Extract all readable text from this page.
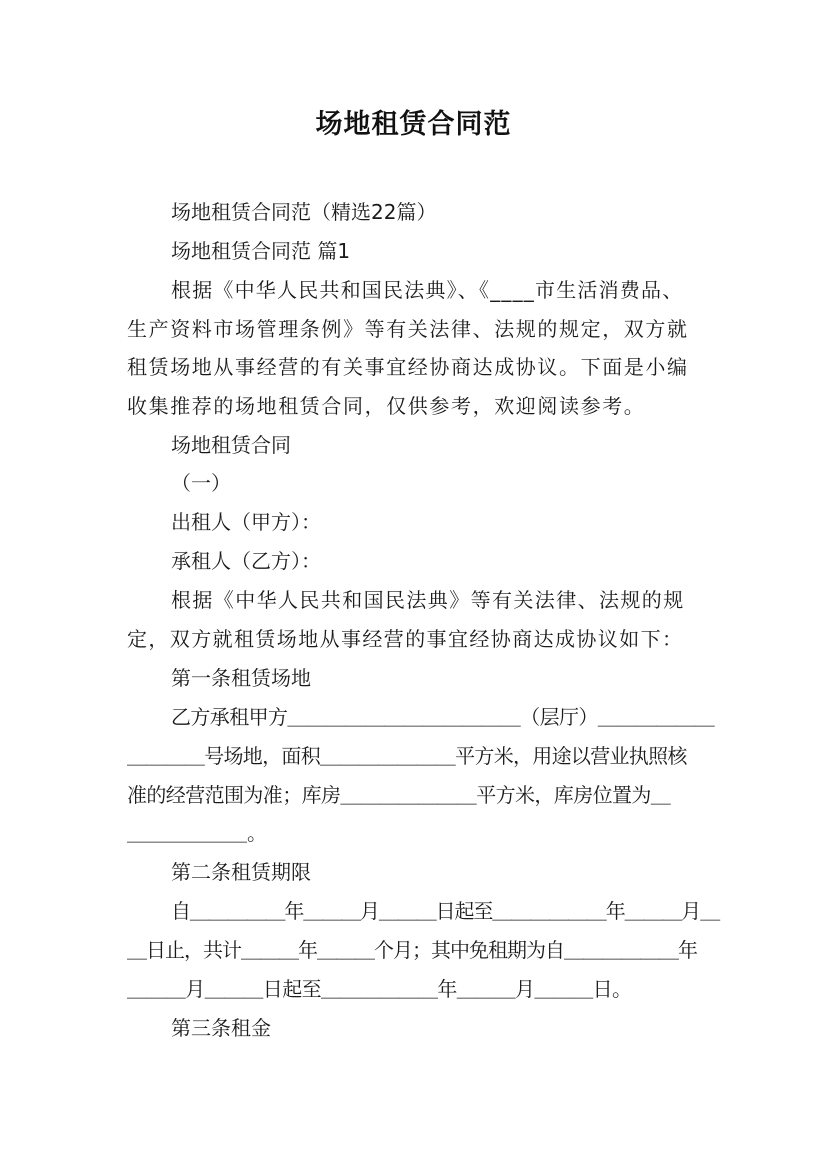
场地租赁合同范
场地租赁合同范（精选22篇）
场地租赁合同范 篇1
根据《中华人民共和国民法典》、《____市生活消费品、
生产资料市场管理条例》等有关法律、法规的规定，双方就
租赁场地从事经营的有关事宜经协商达成协议。下面是小编
收集推荐的场地租赁合同，仅供参考，欢迎阅读参考。
场地租赁合同
（一）
出租人（甲方）：
承租人（乙方）：
根据《中华人民共和国民法典》等有关法律、法规的规
定，双方就租赁场地从事经营的事宜经协商达成协议如下：
第一条租赁场地
乙方承租甲方＿＿＿＿＿＿＿＿＿＿＿＿（层厅）＿＿＿＿＿＿
＿＿＿＿号场地，面积＿＿＿＿＿＿＿平方米，用途以营业执照核
准的经营范围为准；库房＿＿＿＿＿＿＿平方米，库房位置为＿
＿＿＿＿＿＿。
第二条租赁期限
自＿＿＿＿＿年＿＿＿月＿＿＿日起至＿＿＿＿＿＿年＿＿＿月＿
＿日止，共计＿＿＿年＿＿＿个月；其中免租期为自＿＿＿＿＿＿年
＿＿＿月＿＿＿日起至＿＿＿＿＿＿年＿＿＿月＿＿＿日。
第三条租金
